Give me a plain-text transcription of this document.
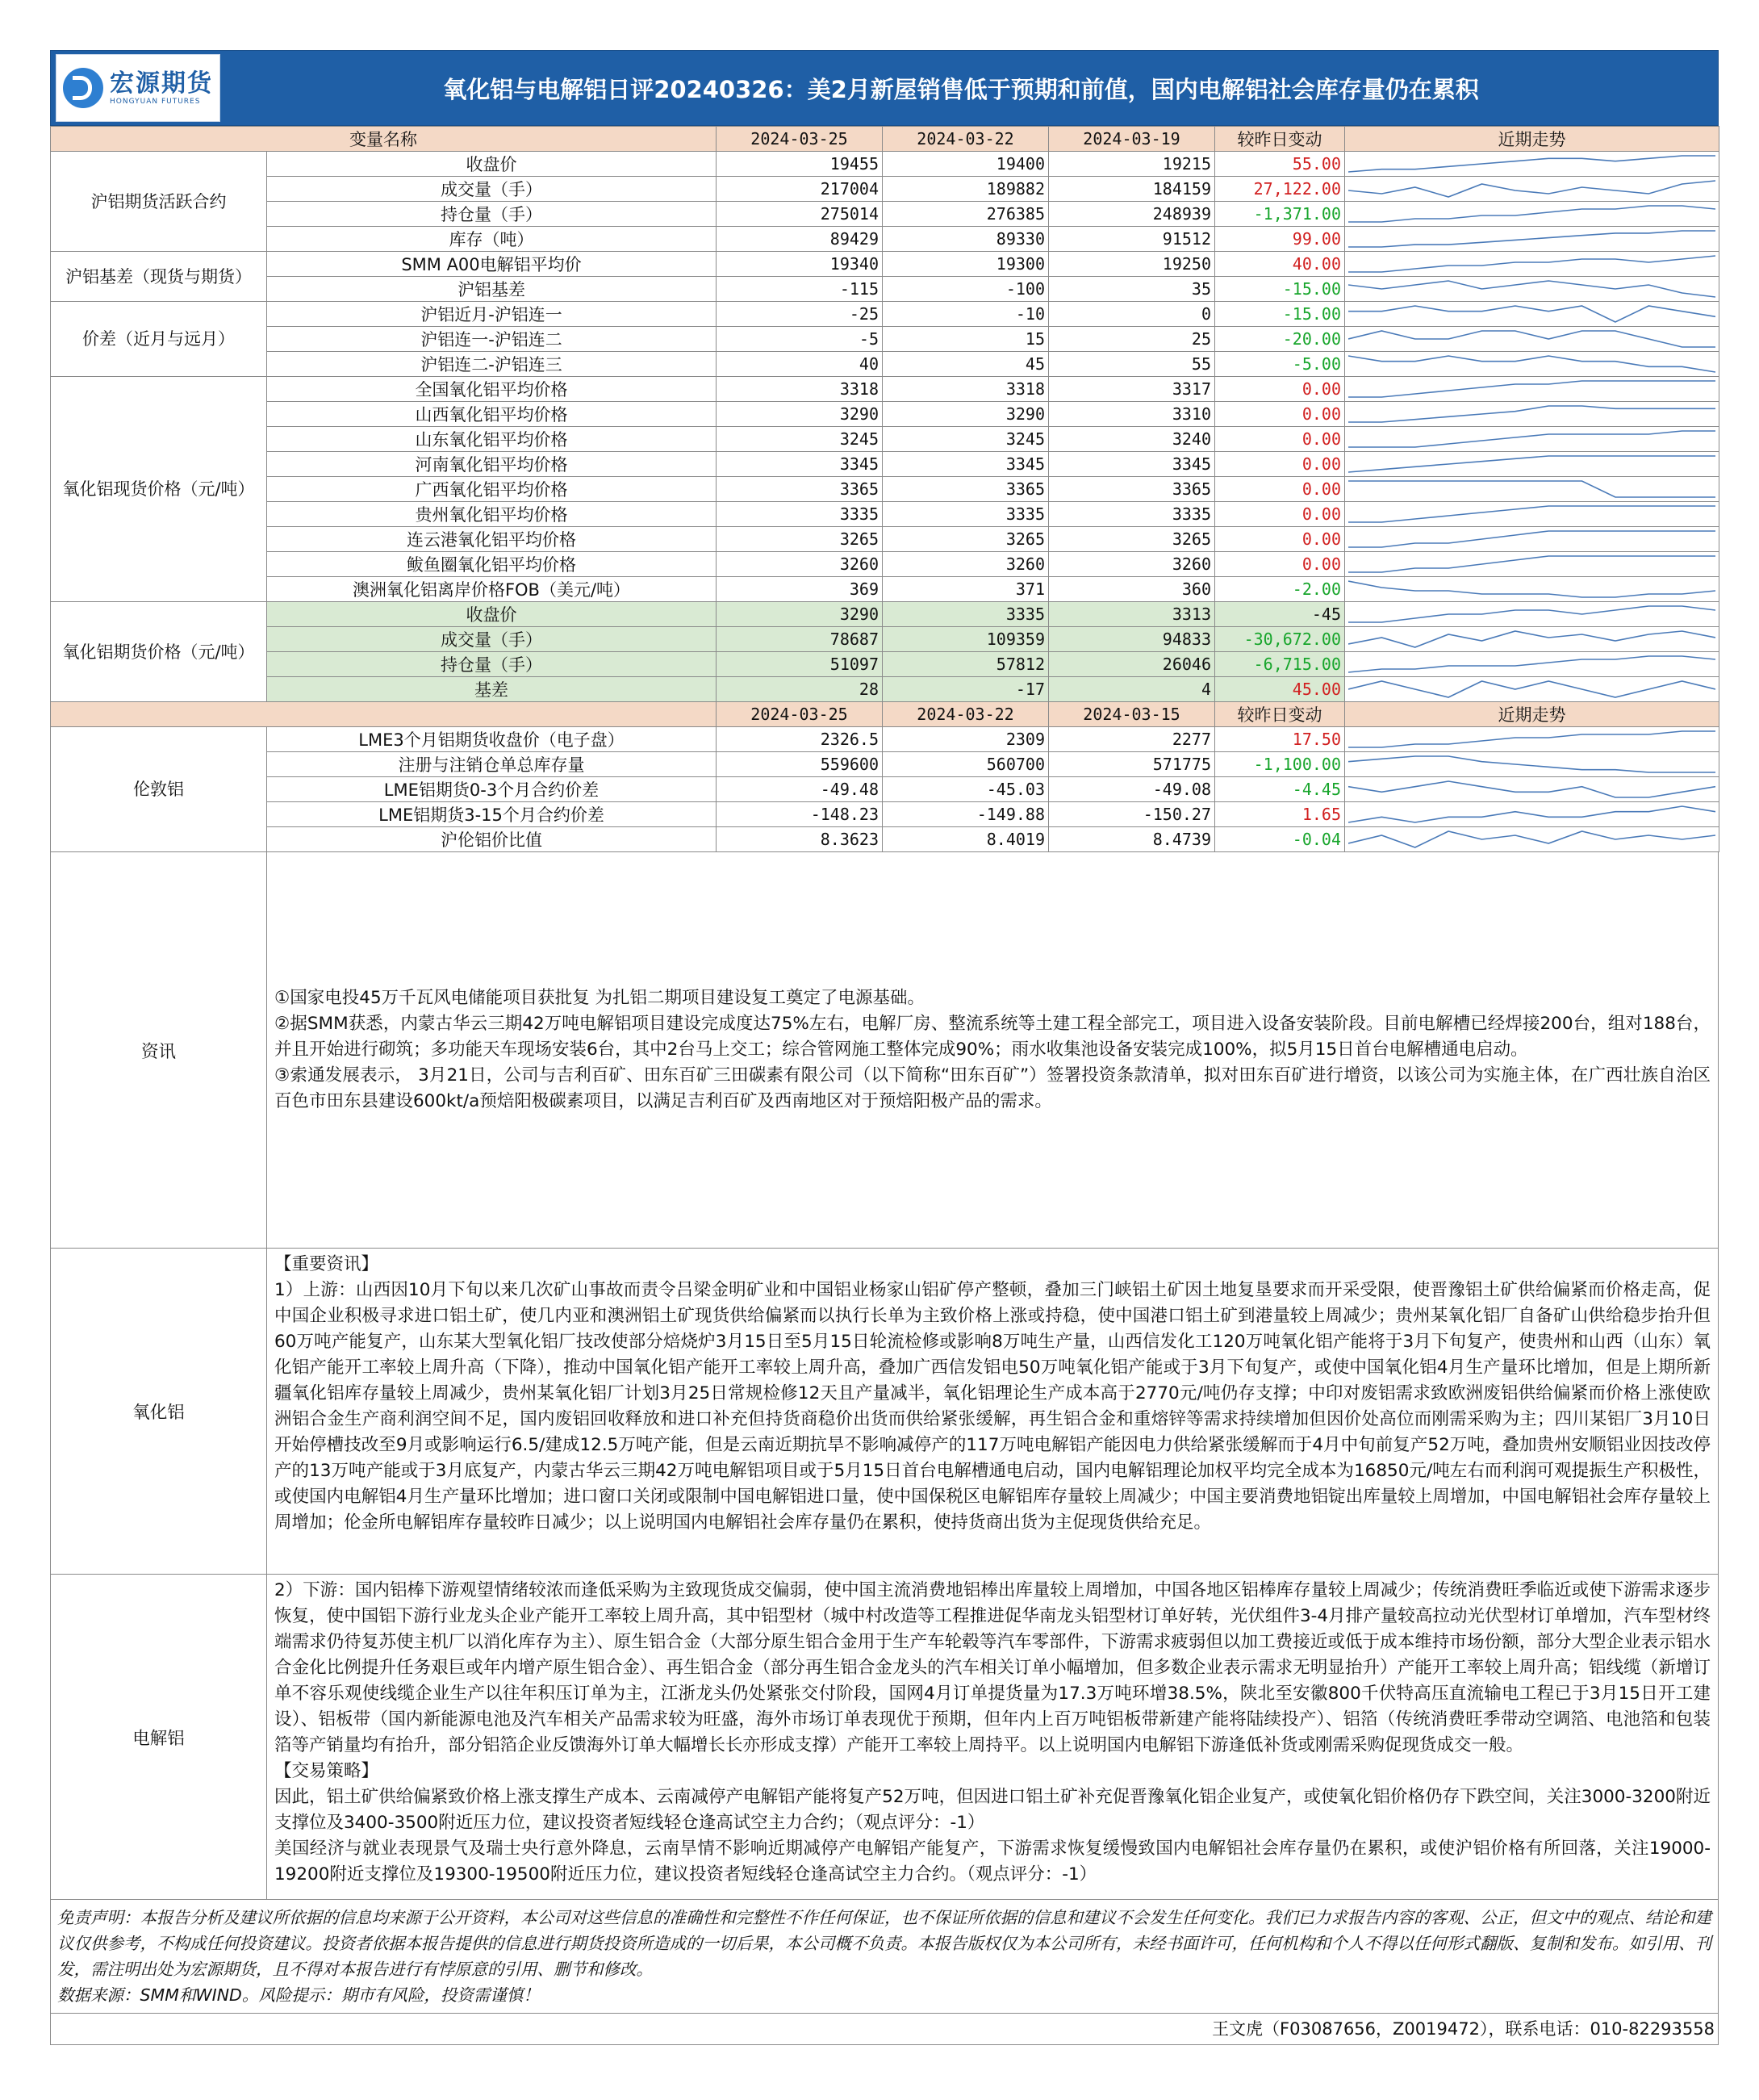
宏源期货
HONGYUAN FUTURES	氧化铝与电解铝日评20240326：美2月新屋销售低于预期和前值，国内电解铝社会库存量仍在累积
变量名称		2024-03-25	2024-03-22	2024-03-19	较昨日变动	近期走势
沪铝期货活跃合约	收盘价	19455	19400	19215	55.00	

	成交量（手）	217004	189882	184159	27,122.00	

	持仓量（手）	275014	276385	248939	-1,371.00	

	库存（吨）	89429	89330	91512	99.00	

沪铝基差（现货与期货）	SMM A00电解铝平均价	19340	19300	19250	40.00	

	沪铝基差	-115	-100	35	-15.00	

价差（近月与远月）	沪铝近月-沪铝连一	-25	-10	0	-15.00	

	沪铝连一-沪铝连二	-5	15	25	-20.00	

	沪铝连二-沪铝连三	40	45	55	-5.00	

氧化铝现货价格（元/吨）	全国氧化铝平均价格	3318	3318	3317	0.00	

	山西氧化铝平均价格	3290	3290	3310	0.00	

	山东氧化铝平均价格	3245	3245	3240	0.00	

	河南氧化铝平均价格	3345	3345	3345	0.00	

	广西氧化铝平均价格	3365	3365	3365	0.00	

	贵州氧化铝平均价格	3335	3335	3335	0.00	

	连云港氧化铝平均价格	3265	3265	3265	0.00	

	鲅鱼圈氧化铝平均价格	3260	3260	3260	0.00	

	澳洲氧化铝离岸价格FOB（美元/吨）	369	371	360	-2.00	

氧化铝期货价格（元/吨）	收盘价	3290	3335	3313	-45	

	成交量（手）	78687	109359	94833	-30,672.00	

	持仓量（手）	51097	57812	26046	-6,715.00	

	基差	28	-17	4	45.00	

		2024-03-25	2024-03-22	2024-03-15	较昨日变动	近期走势
伦敦铝	LME3个月铝期货收盘价（电子盘）	2326.5	2309	2277	17.50	

	注册与注销仓单总库存量	559600	560700	571775	-1,100.00	

	LME铝期货0-3个月合约价差	-49.48	-45.03	-49.08	-4.45	

	LME铝期货3-15个月合约价差	-148.23	-149.88	-150.27	1.65	

	沪伦铝价比值	8.3623	8.4019	8.4739	-0.04	
资讯	①国家电投45万千瓦风电储能项目获批复 为扎铝二期项目建设复工奠定了电源基础。

②据SMM获悉，内蒙古华云三期42万吨电解铝项目建设完成度达75%左右，电解厂房、整流系统等土建工程全部完工，项目进入设备安装阶段。目前电解槽已经焊接200台，组对188台，并且开始进行砌筑；多功能天车现场安装6台，其中2台马上交工；综合管网施工整体完成90%；雨水收集池设备安装完成100%，拟5月15日首台电解槽通电启动。

③索通发展表示， 3月21日，公司与吉利百矿、田东百矿三田碳素有限公司（以下简称“田东百矿”）签署投资条款清单，拟对田东百矿进行增资，以该公司为实施主体，在广西壮族自治区百色市田东县建设600kt/a预焙阳极碳素项目，以满足吉利百矿及西南地区对于预焙阳极产品的需求。

氧化铝	【重要资讯】

1）上游：山西因10月下旬以来几次矿山事故而责令吕梁金明矿业和中国铝业杨家山铝矿停产整顿，叠加三门峡铝土矿因土地复垦要求而开采受限，使晋豫铝土矿供给偏紧而价格走高，促中国企业积极寻求进口铝土矿，使几内亚和澳洲铝土矿现货供给偏紧而以执行长单为主致价格上涨或持稳，使中国港口铝土矿到港量较上周减少；贵州某氧化铝厂自备矿山供给稳步抬升但60万吨产能复产，山东某大型氧化铝厂技改使部分焙烧炉3月15日至5月15日轮流检修或影响8万吨生产量，山西信发化工120万吨氧化铝产能将于3月下旬复产，使贵州和山西（山东）氧化铝产能开工率较上周升高（下降），推动中国氧化铝产能开工率较上周升高，叠加广西信发铝电50万吨氧化铝产能或于3月下旬复产，或使中国氧化铝4月生产量环比增加，但是上期所新疆氧化铝库存量较上周减少，贵州某氧化铝厂计划3月25日常规检修12天且产量减半，氧化铝理论生产成本高于2770元/吨仍存支撑；中印对废铝需求致欧洲废铝供给偏紧而价格上涨使欧洲铝合金生产商利润空间不足，国内废铝回收释放和进口补充但持货商稳价出货而供给紧张缓解，再生铝合金和重熔锌等需求持续增加但因价处高位而刚需采购为主；四川某铝厂3月10日开始停槽技改至9月或影响运行6.5/建成12.5万吨产能，但是云南近期抗旱不影响减停产的117万吨电解铝产能因电力供给紧张缓解而于4月中旬前复产52万吨，叠加贵州安顺铝业因技改停产的13万吨产能或于3月底复产，内蒙古华云三期42万吨电解铝项目或于5月15日首台电解槽通电启动，国内电解铝理论加权平均完全成本为16850元/吨左右而利润可观提振生产积极性，或使国内电解铝4月生产量环比增加；进口窗口关闭或限制中国电解铝进口量，使中国保税区电解铝库存量较上周减少；中国主要消费地铝锭出库量较上周增加，中国电解铝社会库存量较上周增加；伦金所电解铝库存量较昨日减少；以上说明国内电解铝社会库存量仍在累积，使持货商出货为主促现货供给充足。

电解铝	2）下游：国内铝棒下游观望情绪较浓而逢低采购为主致现货成交偏弱，使中国主流消费地铝棒出库量较上周增加，中国各地区铝棒库存量较上周减少；传统消费旺季临近或使下游需求逐步恢复，使中国铝下游行业龙头企业产能开工率较上周升高，其中铝型材（城中村改造等工程推进促华南龙头铝型材订单好转，光伏组件3-4月排产量较高拉动光伏型材订单增加，汽车型材终端需求仍待复苏使主机厂以消化库存为主）、原生铝合金（大部分原生铝合金用于生产车轮毂等汽车零部件，下游需求疲弱但以加工费接近或低于成本维持市场份额，部分大型企业表示铝水合金化比例提升任务艰巨或年内增产原生铝合金）、再生铝合金（部分再生铝合金龙头的汽车相关订单小幅增加，但多数企业表示需求无明显抬升）产能开工率较上周升高；铝线缆（新增订单不容乐观使线缆企业生产以往年积压订单为主，江浙龙头仍处紧张交付阶段，国网4月订单提货量为17.3万吨环增38.5%，陕北至安徽800千伏特高压直流输电工程已于3月15日开工建设）、铝板带（国内新能源电池及汽车相关产品需求较为旺盛，海外市场订单表现优于预期，但年内上百万吨铝板带新建产能将陆续投产）、铝箔（传统消费旺季带动空调箔、电池箔和包装箔等产销量均有抬升，部分铝箔企业反馈海外订单大幅增长长亦形成支撑）产能开工率较上周持平。以上说明国内电解铝下游逢低补货或刚需采购促现货成交一般。

【交易策略】

因此，铝土矿供给偏紧致价格上涨支撑生产成本、云南减停产电解铝产能将复产52万吨，但因进口铝土矿补充促晋豫氧化铝企业复产，或使氧化铝价格仍存下跌空间，关注3000-3200附近支撑位及3400-3500附近压力位，建议投资者短线轻仓逢高试空主力合约；（观点评分：-1）

美国经济与就业表现景气及瑞士央行意外降息，云南旱情不影响近期减停产电解铝产能复产，下游需求恢复缓慢致国内电解铝社会库存量仍在累积，或使沪铝价格有所回落，关注19000-19200附近支撑位及19300-19500附近压力位，建议投资者短线轻仓逢高试空主力合约。（观点评分：-1）

免责声明：本报告分析及建议所依据的信息均来源于公开资料，本公司对这些信息的准确性和完整性不作任何保证，也不保证所依据的信息和建议不会发生任何变化。我们已力求报告内容的客观、公正，但文中的观点、结论和建议仅供参考，不构成任何投资建议。投资者依据本报告提供的信息进行期货投资所造成的一切后果，本公司概不负责。本报告版权仅为本公司所有，未经书面许可，任何机构和个人不得以任何形式翻版、复制和发布。如引用、刊发，需注明出处为宏源期货，且不得对本报告进行有悖原意的引用、删节和修改。
数据来源：SMM和WIND。风险提示：期市有风险，投资需谨慎！
王文虎（F03087656，Z0019472），联系电话：010-82293558
